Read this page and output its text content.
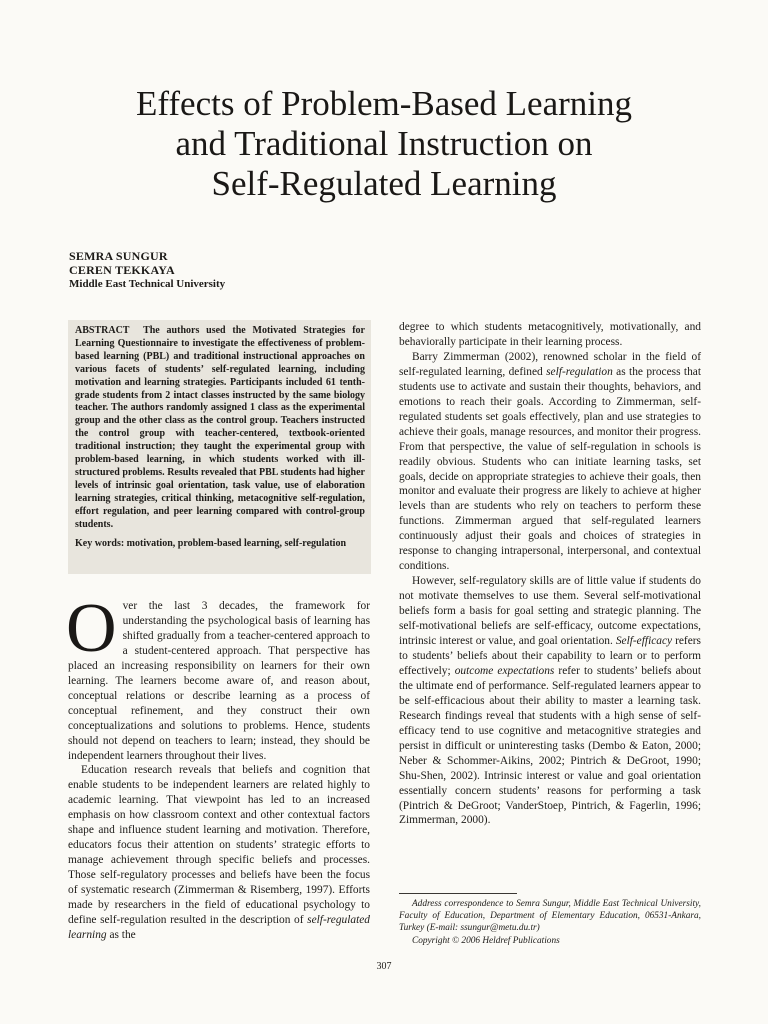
Effects of Problem-Based Learning
and Traditional Instruction on
Self-Regulated Learning
SEMRA SUNGUR
CEREN TEKKAYA
Middle East Technical University

ABSTRACT The authors used the Motivated Strategies for Learning Questionnaire to investigate the effectiveness of problem-based learning (PBL) and traditional instructional approaches on various facets of students’ self-regulated learning, including motivation and learning strategies. Participants included 61 tenth-grade students from 2 intact classes instructed by the same biology teacher. The authors randomly assigned 1 class as the experimental group and the other class as the control group. Teachers instructed the control group with teacher-centered, textbook-oriented traditional instruction; they taught the experimental group with problem-based learning, in which students worked with ill-structured problems. Results revealed that PBL students had higher levels of intrinsic goal orientation, task value, use of elaboration learning strategies, critical thinking, metacognitive self-regulation, effort regulation, and peer learning compared with control-group students.

Key words: motivation, problem-based learning, self-regulation

Over the last 3 decades, the framework for understanding the psychological basis of learning has shifted gradually from a teacher-centered approach to a student-centered approach. That perspective has placed an increasing responsibility on learners for their own learning. The learners become aware of, and reason about, conceptual relations or describe learning as a process of conceptual refinement, and they construct their own conceptualizations and solutions to problems. Hence, students should not depend on teachers to learn; instead, they should be independent learners throughout their lives.

Education research reveals that beliefs and cognition that enable students to be independent learners are related highly to academic learning. That viewpoint has led to an increased emphasis on how classroom context and other contextual factors shape and influence student learning and motivation. Therefore, educators focus their attention on students’ strategic efforts to manage achievement through specific beliefs and processes. Those self-regulatory processes and beliefs have been the focus of systematic research (Zimmerman & Risemberg, 1997). Efforts made by researchers in the field of educational psychology to define self-regulation resulted in the description of self-regulated learning as the

degree to which students metacognitively, motivationally, and behaviorally participate in their learning process.

Barry Zimmerman (2002), renowned scholar in the field of self-regulated learning, defined self-regulation as the process that students use to activate and sustain their thoughts, behaviors, and emotions to reach their goals. According to Zimmerman, self-regulated students set goals effectively, plan and use strategies to achieve their goals, manage resources, and monitor their progress. From that perspective, the value of self-regulation in schools is readily obvious. Students who can initiate learning tasks, set goals, decide on appropriate strategies to achieve their goals, then monitor and evaluate their progress are likely to achieve at higher levels than are students who rely on teachers to perform these functions. Zimmerman argued that self-regulated learners continuously adjust their goals and choices of strategies in response to changing intrapersonal, interpersonal, and contextual conditions.

However, self-regulatory skills are of little value if students do not motivate themselves to use them. Several self-motivational beliefs form a basis for goal setting and strategic planning. The self-motivational beliefs are self-efficacy, outcome expectations, intrinsic interest or value, and goal orientation. Self-efficacy refers to students’ beliefs about their capability to learn or to perform effectively; outcome expectations refer to students’ beliefs about the ultimate end of performance. Self-regulated learners appear to be self-efficacious about their ability to master a learning task. Research findings reveal that students with a high sense of self-efficacy tend to use cognitive and metacognitive strategies and persist in difficult or uninteresting tasks (Dembo & Eaton, 2000; Neber & Schommer-Aikins, 2002; Pintrich & DeGroot, 1990; Shu-Shen, 2002). Intrinsic interest or value and goal orientation essentially concern students’ reasons for performing a task (Pintrich & DeGroot; VanderStoep, Pintrich, & Fagerlin, 1996; Zimmerman, 2000).

Address correspondence to Semra Sungur, Middle East Technical University, Faculty of Education, Department of Elementary Education, 06531-Ankara, Turkey (E-mail: ssungur@metu.du.tr)

Copyright © 2006 Heldref Publications

307
